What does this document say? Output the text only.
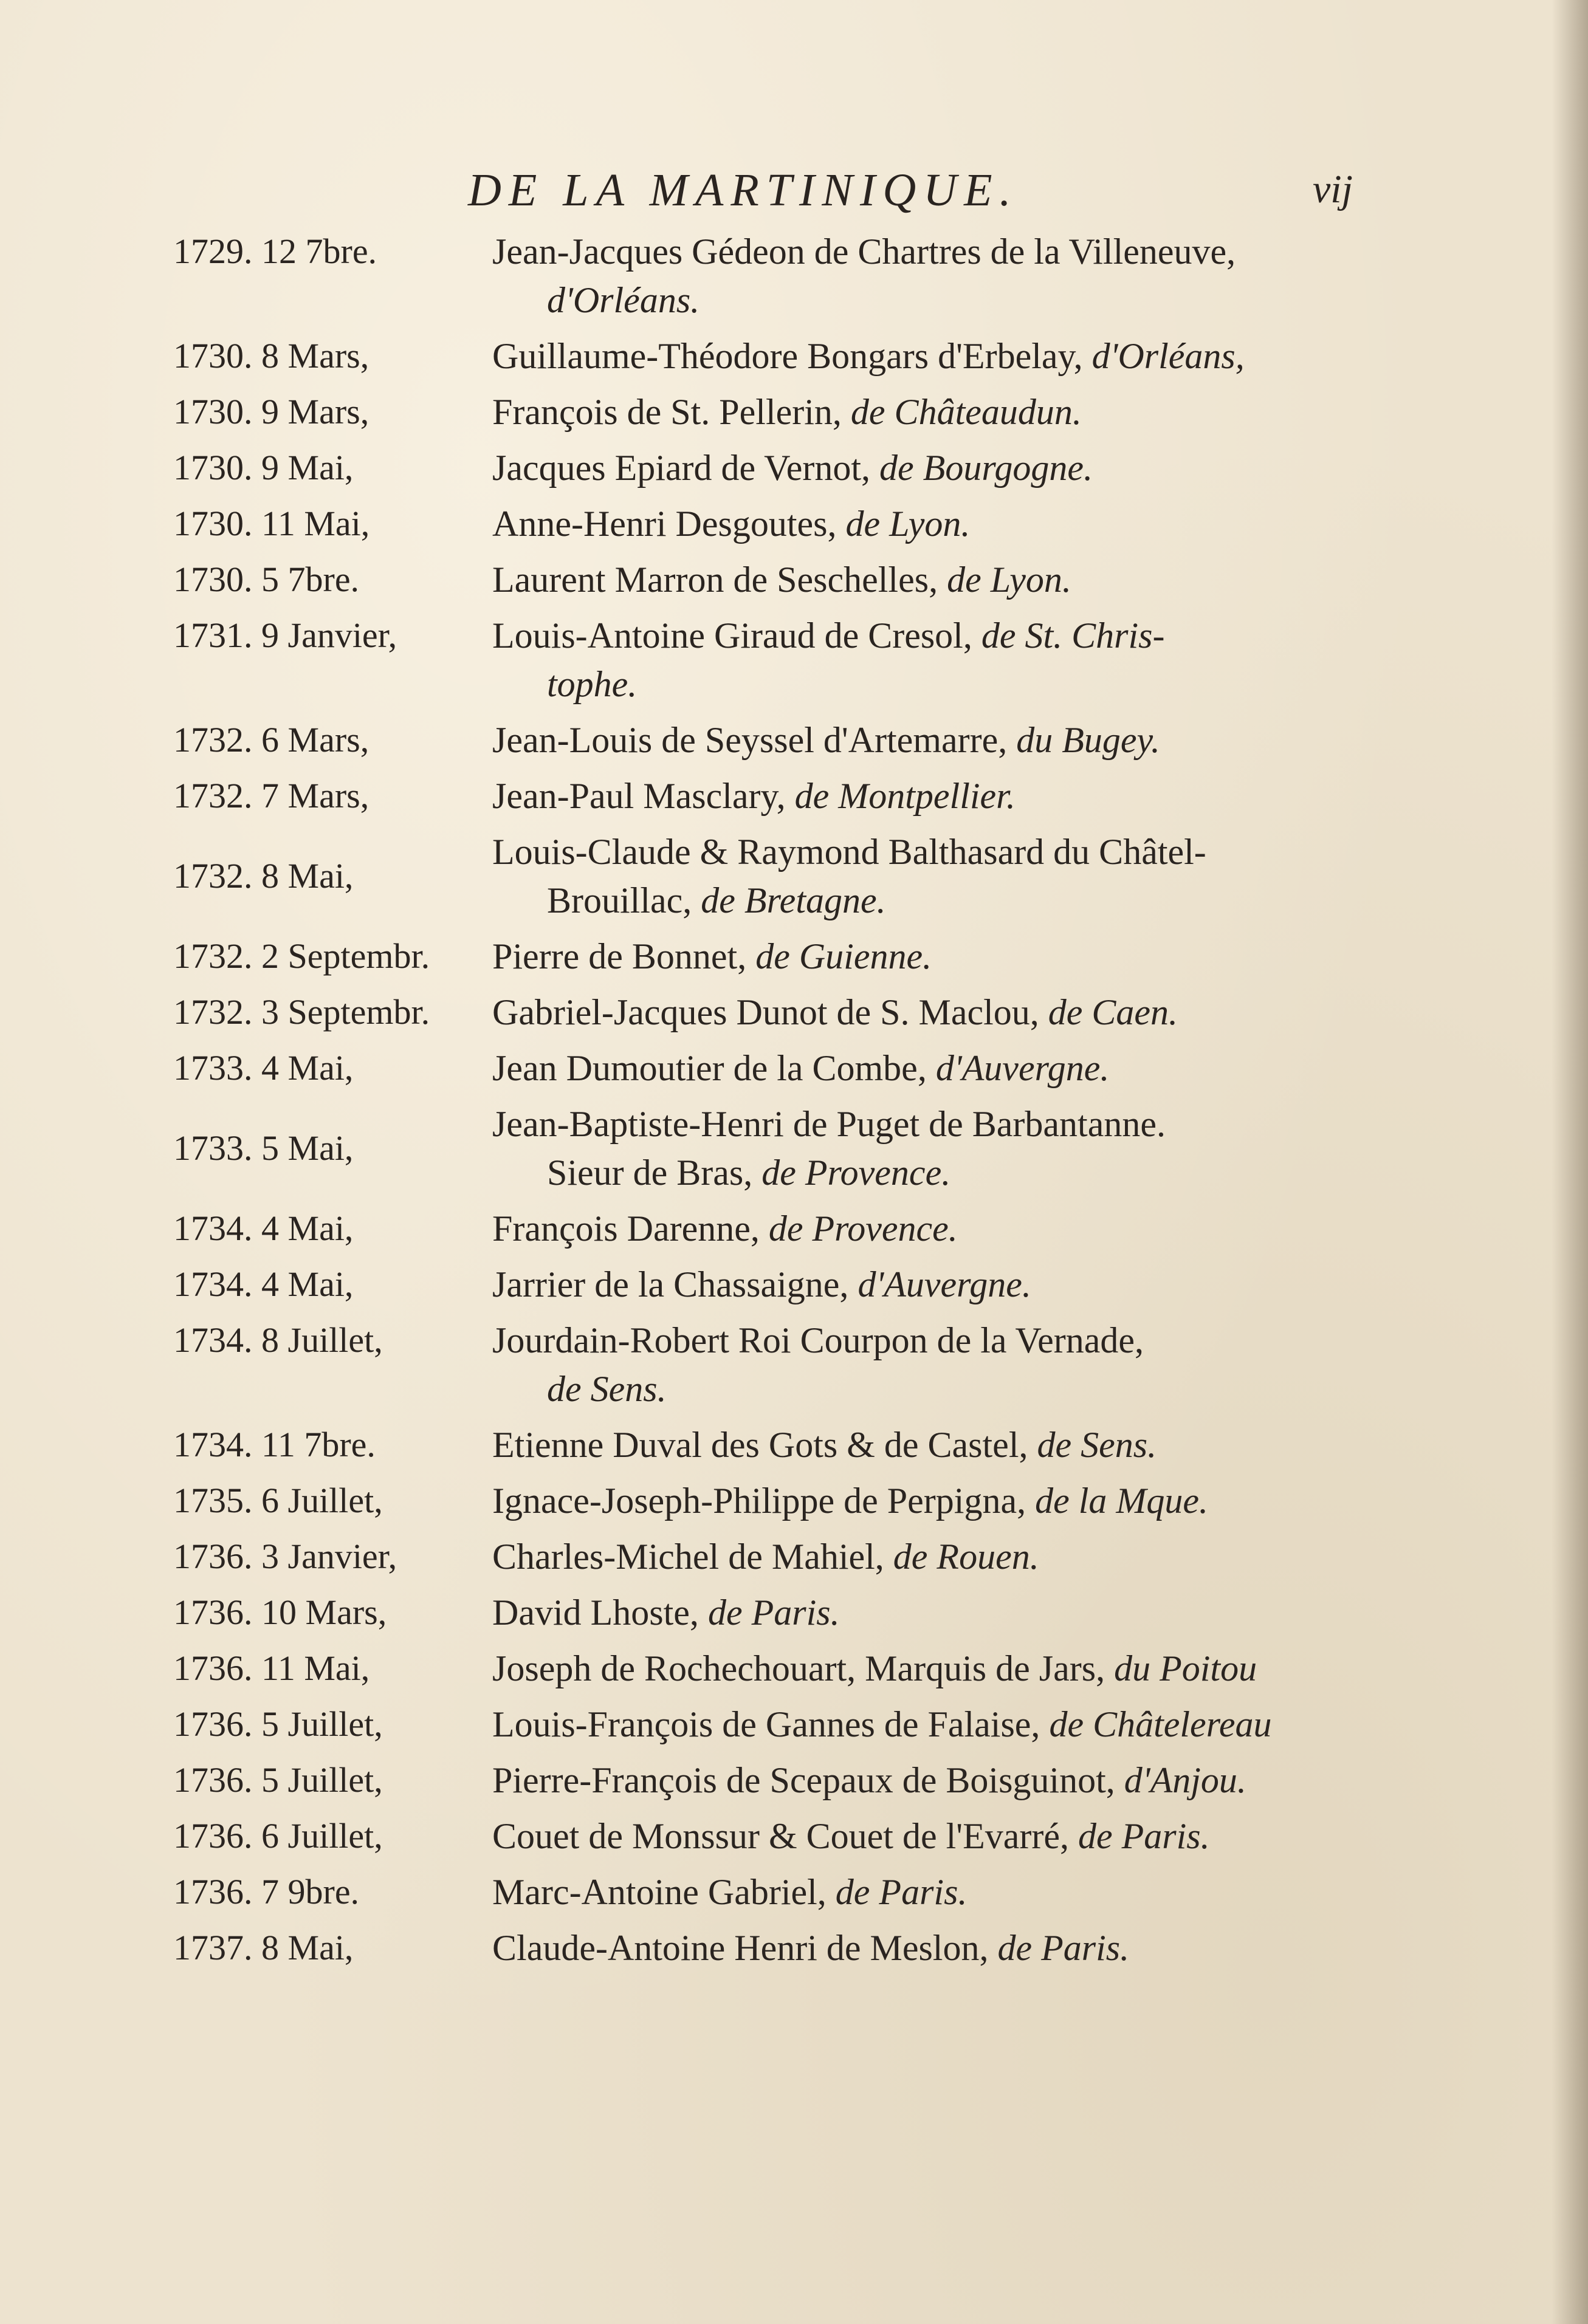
DE LA MARTINIQUE.	vij
1729. 12 7bre.	Jean-Jacques Gédeon de Chartres de la Villeneuve,
d'Orléans.
1730. 8 Mars,	Guillaume-Théodore Bongars d'Erbelay, d'Orléans,
1730. 9 Mars,	François de St. Pellerin, de Châteaudun.
1730. 9 Mai,	Jacques Epiard de Vernot, de Bourgogne.
1730. 11 Mai,	Anne-Henri Desgoutes, de Lyon.
1730. 5 7bre.	Laurent Marron de Seschelles, de Lyon.
1731. 9 Janvier,	Louis-Antoine Giraud de Cresol, de St. Chris-
tophe.
1732. 6 Mars,	Jean-Louis de Seyssel d'Artemarre, du Bugey.
1732. 7 Mars,	Jean-Paul Masclary, de Montpellier.
1732. 8 Mai,
Louis-Claude & Raymond Balthasard du Châtel-
Brouillac, de Bretagne.
1732. 2 Septembr. Pierre de Bonnet, de Guienne.
1732. 3 Septembr. Gabriel-Jacques Dunot de S. Maclou, de Caen.
1733. 4 Mai,	Jean Dumoutier de la Combe, d'Auvergne.
1733. 5 Mai,
Jean-Baptiste-Henri de Puget de Barbantanne.
Sieur de Bras, de Provence.
1734. 4 Mai,	François Darenne, de Provence.
1734. 4 Mai,	Jarrier de la Chassaigne, d'Auvergne.
1734. 8 Juillet,	Jourdain-Robert Roi Courpon de la Vernade,
de Sens.
1734. 11 7bre.	Etienne Duval des Gots & de Castel, de Sens.
1735. 6 Juillet,	Ignace-Joseph-Philippe de Perpigna, de la Mque.
1736. 3 Janvier,	Charles-Michel de Mahiel, de Rouen.
1736. 10 Mars,	David Lhoste, de Paris.
1736. 11 Mai,	Joseph de Rochechouart, Marquis de Jars, du Poitou
1736. 5 Juillet,	Louis-François de Gannes de Falaise, de Châtelereau
1736. 5 Juillet,	Pierre-François de Scepaux de Boisguinot, d'Anjou.
1736. 6 Juillet,	Couet de Monssur & Couet de l'Evarré, de Paris.
1736. 7 9bre.	Marc-Antoine Gabriel, de Paris.
1737. 8 Mai,	Claude-Antoine Henri de Meslon, de Paris.
